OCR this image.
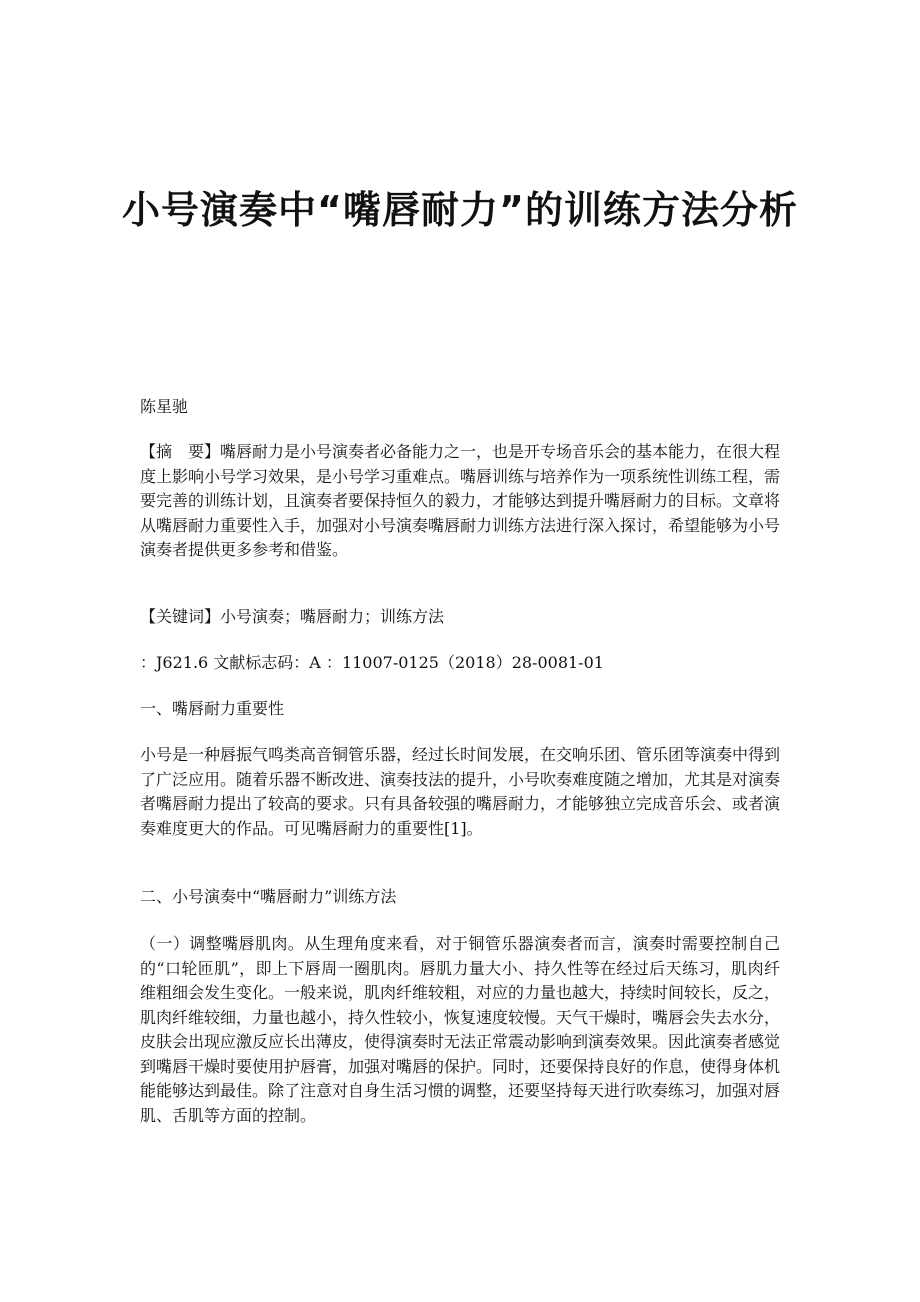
小号演奏中“嘴唇耐力”的训练方法分析

陈星驰

【摘　要】嘴唇耐力是小号演奏者必备能力之一，也是开专场音乐会的基本能力，在很大程度上影响小号学习效果，是小号学习重难点。嘴唇训练与培养作为一项系统性训练工程，需要完善的训练计划，且演奏者要保持恒久的毅力，才能够达到提升嘴唇耐力的目标。文章将从嘴唇耐力重要性入手，加强对小号演奏嘴唇耐力训练方法进行深入探讨，希望能够为小号演奏者提供更多参考和借鉴。

【关键词】小号演奏；嘴唇耐力；训练方法

：J621.6 文献标志码：A ：11007-0125（2018）28-0081-01

一、嘴唇耐力重要性

小号是一种唇振气鸣类高音铜管乐器，经过长时间发展，在交响乐团、管乐团等演奏中得到了广泛应用。随着乐器不断改进、演奏技法的提升，小号吹奏难度随之增加，尤其是对演奏者嘴唇耐力提出了较高的要求。只有具备较强的嘴唇耐力，才能够独立完成音乐会、或者演奏难度更大的作品。可见嘴唇耐力的重要性[1]。

二、小号演奏中“嘴唇耐力”训练方法

（一）调整嘴唇肌肉。从生理角度来看，对于铜管乐器演奏者而言，演奏时需要控制自己的“口轮匝肌”，即上下唇周一圈肌肉。唇肌力量大小、持久性等在经过后天练习，肌肉纤维粗细会发生变化。一般来说，肌肉纤维较粗，对应的力量也越大，持续时间较长，反之，肌肉纤维较细，力量也越小，持久性较小，恢复速度较慢。天气干燥时，嘴唇会失去水分，皮肤会出现应激反应长出薄皮，使得演奏时无法正常震动影响到演奏效果。因此演奏者感觉到嘴唇干燥时要使用护唇膏，加强对嘴唇的保护。同时，还要保持良好的作息，使得身体机能能够达到最佳。除了注意对自身生活习惯的调整，还要坚持每天进行吹奏练习，加强对唇肌、舌肌等方面的控制。
